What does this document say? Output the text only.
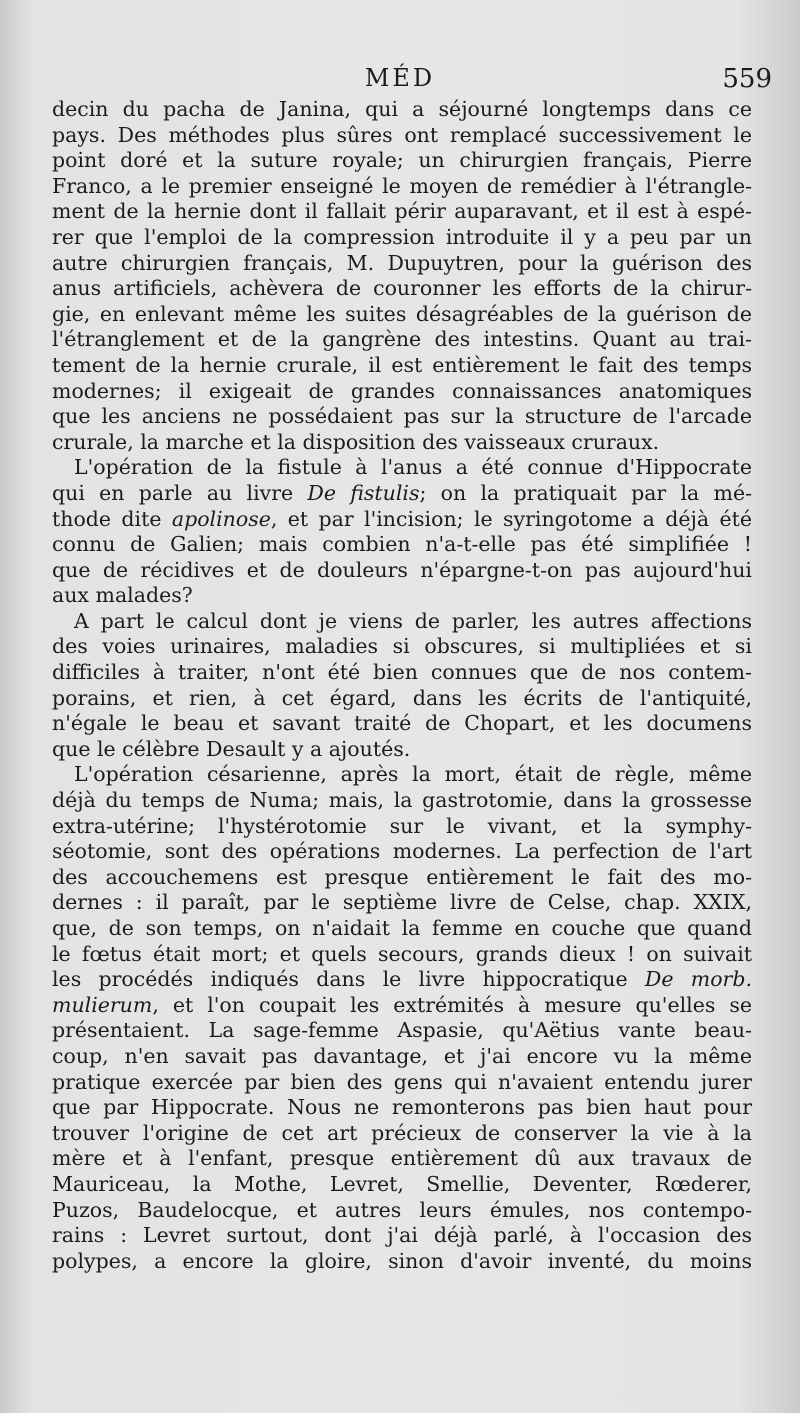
MÉD	559
decin du pacha de Janina, qui a séjourné longtemps dans ce
pays. Des méthodes plus sûres ont remplacé successivement le
point doré et la suture royale; un chirurgien français, Pierre
Franco, a le premier enseigné le moyen de remédier à l'étrangle-
ment de la hernie dont il fallait périr auparavant, et il est à espé-
rer que l'emploi de la compression introduite il y a peu par un
autre chirurgien français, M. Dupuytren, pour la guérison des
anus artificiels, achèvera de couronner les efforts de la chirur-
gie, en enlevant même les suites désagréables de la guérison de
l'étranglement et de la gangrène des intestins. Quant au trai-
tement de la hernie crurale, il est entièrement le fait des temps
modernes; il exigeait de grandes connaissances anatomiques
que les anciens ne possédaient pas sur la structure de l'arcade
crurale, la marche et la disposition des vaisseaux cruraux.
L'opération de la fistule à l'anus a été connue d'Hippocrate
qui en parle au livre De fistulis; on la pratiquait par la mé-
thode dite apolinose, et par l'incision; le syringotome a déjà été
connu de Galien; mais combien n'a-t-elle pas été simplifiée !
que de récidives et de douleurs n'épargne-t-on pas aujourd'hui
aux malades?
A part le calcul dont je viens de parler, les autres affections
des voies urinaires, maladies si obscures, si multipliées et si
difficiles à traiter, n'ont été bien connues que de nos contem-
porains, et rien, à cet égard, dans les écrits de l'antiquité,
n'égale le beau et savant traité de Chopart, et les documens
que le célèbre Desault y a ajoutés.
L'opération césarienne, après la mort, était de règle, même
déjà du temps de Numa; mais, la gastrotomie, dans la grossesse
extra-utérine; l'hystérotomie sur le vivant, et la symphy-
séotomie, sont des opérations modernes. La perfection de l'art
des accouchemens est presque entièrement le fait des mo-
dernes : il paraît, par le septième livre de Celse, chap. XXIX,
que, de son temps, on n'aidait la femme en couche que quand
le fœtus était mort; et quels secours, grands dieux ! on suivait
les procédés indiqués dans le livre hippocratique De morb.
mulierum, et l'on coupait les extrémités à mesure qu'elles se
présentaient. La sage-femme Aspasie, qu'Aëtius vante beau-
coup, n'en savait pas davantage, et j'ai encore vu la même
pratique exercée par bien des gens qui n'avaient entendu jurer
que par Hippocrate. Nous ne remonterons pas bien haut pour
trouver l'origine de cet art précieux de conserver la vie à la
mère et à l'enfant, presque entièrement dû aux travaux de
Mauriceau, la Mothe, Levret, Smellie, Deventer, Rœderer,
Puzos, Baudelocque, et autres leurs émules, nos contempo-
rains : Levret surtout, dont j'ai déjà parlé, à l'occasion des
polypes, a encore la gloire, sinon d'avoir inventé, du moins
